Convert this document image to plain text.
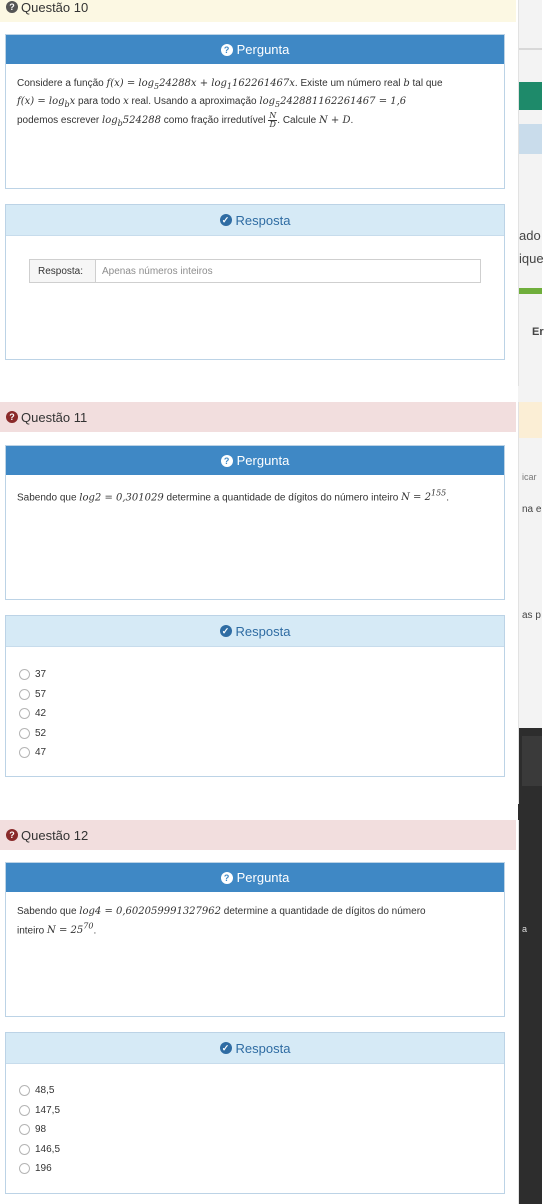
ado
ique
Er
icar
na e
as p
a
? Questão 10
? Pergunta
Considere a função $f(x) = \log_524288x + \log_1162261467x$. Existe um número real b tal que
$f(x) = \log_bx$ para todo x real. Usando a aproximação $\log_5242881162261467 = 1,6$
podemos escrever $\log_b524288$ como fração irredutível $\frac{N}{D}$ . Calcule N + D.
✓ Resposta
Resposta:
Apenas números inteiros
? Questão 11
? Pergunta
Sabendo que log2 = 0,301029 determine a quantidade de dígitos do número inteiro $N = 2^{155}$.
✓ Resposta
37
57
42
52
47
? Questão 12
? Pergunta
Sabendo que log4 = 0,602059991327962 determine a quantidade de dígitos do número
inteiro $N = 25^{70}$.
✓ Resposta
48,5
147,5
98
146,5
196
